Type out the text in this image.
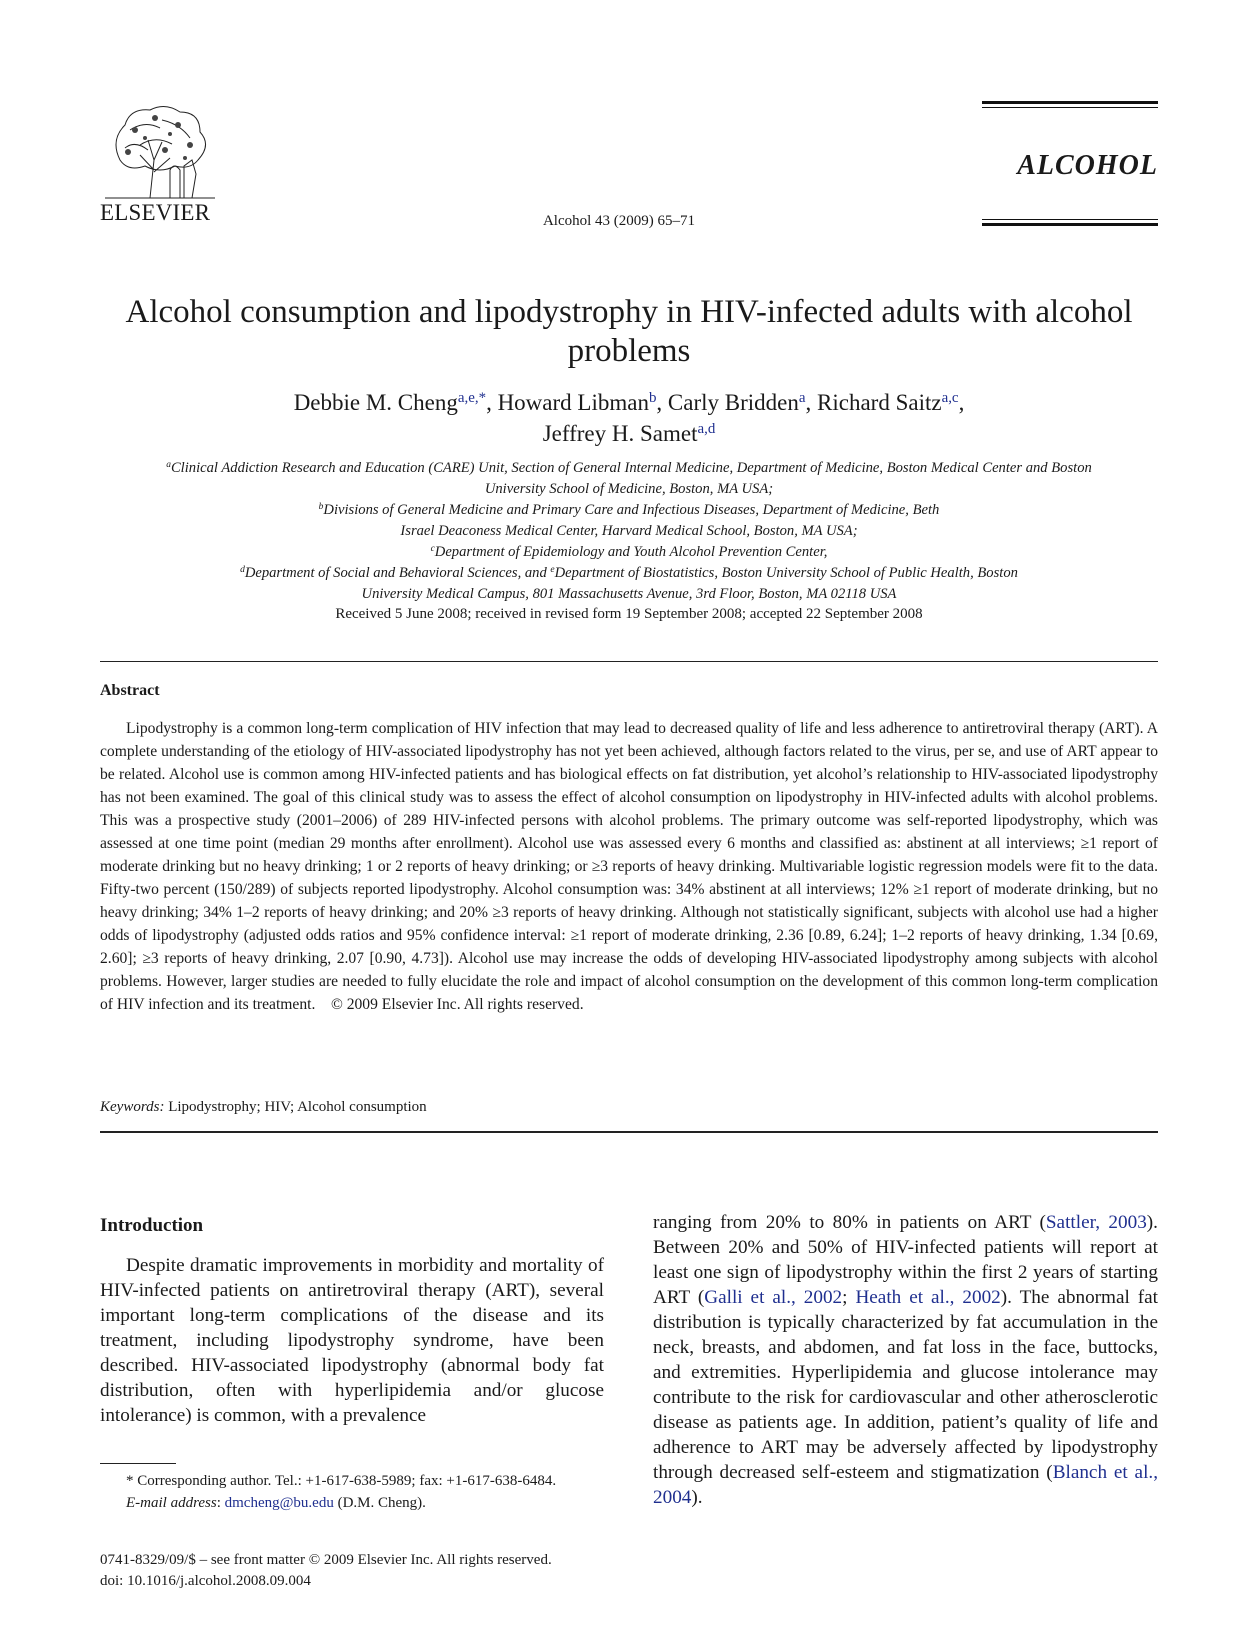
ELSEVIER	Alcohol 43 (2009) 65–71
ALCOHOL
Alcohol consumption and lipodystrophy in HIV-infected adults with alcohol problems
Debbie M. Cheng$^{a,e,*}$, Howard Libman$^b$, Carly Bridden$^a$, Richard Saitz$^{a,c}$,
Jeffrey H. Samet$^{a,d}$
$^a$Clinical Addiction Research and Education (CARE) Unit, Section of General Internal Medicine, Department of Medicine, Boston Medical Center and Boston University School of Medicine, Boston, MA USA;
$^b$Divisions of General Medicine and Primary Care and Infectious Diseases, Department of Medicine, Beth Israel Deaconess Medical Center, Harvard Medical School, Boston, MA USA;
$^c$Department of Epidemiology and Youth Alcohol Prevention Center,
$^d$Department of Social and Behavioral Sciences, and $^e$Department of Biostatistics, Boston University School of Public Health, Boston University Medical Campus, 801 Massachusetts Avenue, 3rd Floor, Boston, MA 02118 USA
Received 5 June 2008; received in revised form 19 September 2008; accepted 22 September 2008
Abstract
Lipodystrophy is a common long-term complication of HIV infection that may lead to decreased quality of life and less adherence to antiretroviral therapy (ART). A complete understanding of the etiology of HIV-associated lipodystrophy has not yet been achieved, although factors related to the virus, per se, and use of ART appear to be related. Alcohol use is common among HIV-infected patients and has biological effects on fat distribution, yet alcohol’s relationship to HIV-associated lipodystrophy has not been examined. The goal of this clinical study was to assess the effect of alcohol consumption on lipodystrophy in HIV-infected adults with alcohol problems. This was a prospective study (2001–2006) of 289 HIV-infected persons with alcohol problems. The primary outcome was self-reported lipodystrophy, which was assessed at one time point (median 29 months after enrollment). Alcohol use was assessed every 6 months and classified as: abstinent at all interviews; ≥1 report of moderate drinking but no heavy drinking; 1 or 2 reports of heavy drinking; or ≥3 reports of heavy drinking. Multivariable logistic regression models were fit to the data. Fifty-two percent (150/289) of subjects reported lipodystrophy. Alcohol consumption was: 34% abstinent at all interviews; 12% ≥1 report of moderate drinking, but no heavy drinking; 34% 1–2 reports of heavy drinking; and 20% ≥3 reports of heavy drinking. Although not statistically significant, subjects with alcohol use had a higher odds of lipodystrophy (adjusted odds ratios and 95% confidence interval: ≥1 report of moderate drinking, 2.36 [0.89, 6.24]; 1–2 reports of heavy drinking, 1.34 [0.69, 2.60]; ≥3 reports of heavy drinking, 2.07 [0.90, 4.73]). Alcohol use may increase the odds of developing HIV-associated lipodystrophy among subjects with alcohol problems. However, larger studies are needed to fully elucidate the role and impact of alcohol consumption on the development of this common long-term complication of HIV infection and its treatment. © 2009 Elsevier Inc. All rights reserved.
Keywords: Lipodystrophy; HIV; Alcohol consumption
Introduction
Despite dramatic improvements in morbidity and mortality of HIV-infected patients on antiretroviral therapy (ART), several important long-term complications of the disease and its treatment, including lipodystrophy syndrome, have been described. HIV-associated lipodystrophy (abnormal body fat distribution, often with hyperlipidemia and/or glucose intolerance) is common, with a prevalence
ranging from 20% to 80% in patients on ART (Sattler, 2003). Between 20% and 50% of HIV-infected patients will report at least one sign of lipodystrophy within the first 2 years of starting ART (Galli et al., 2002; Heath et al., 2002). The abnormal fat distribution is typically characterized by fat accumulation in the neck, breasts, and abdomen, and fat loss in the face, buttocks, and extremities. Hyperlipidemia and glucose intolerance may contribute to the risk for cardiovascular and other atherosclerotic disease as patients age. In addition, patient’s quality of life and adherence to ART may be adversely affected by lipodystrophy through decreased self-esteem and stigmatization (Blanch et al., 2004).
* Corresponding author. Tel.: +1-617-638-5989; fax: +1-617-638-6484.
E-mail address: dmcheng@bu.edu (D.M. Cheng).
0741-8329/09/$ – see front matter © 2009 Elsevier Inc. All rights reserved.
doi: 10.1016/j.alcohol.2008.09.004
